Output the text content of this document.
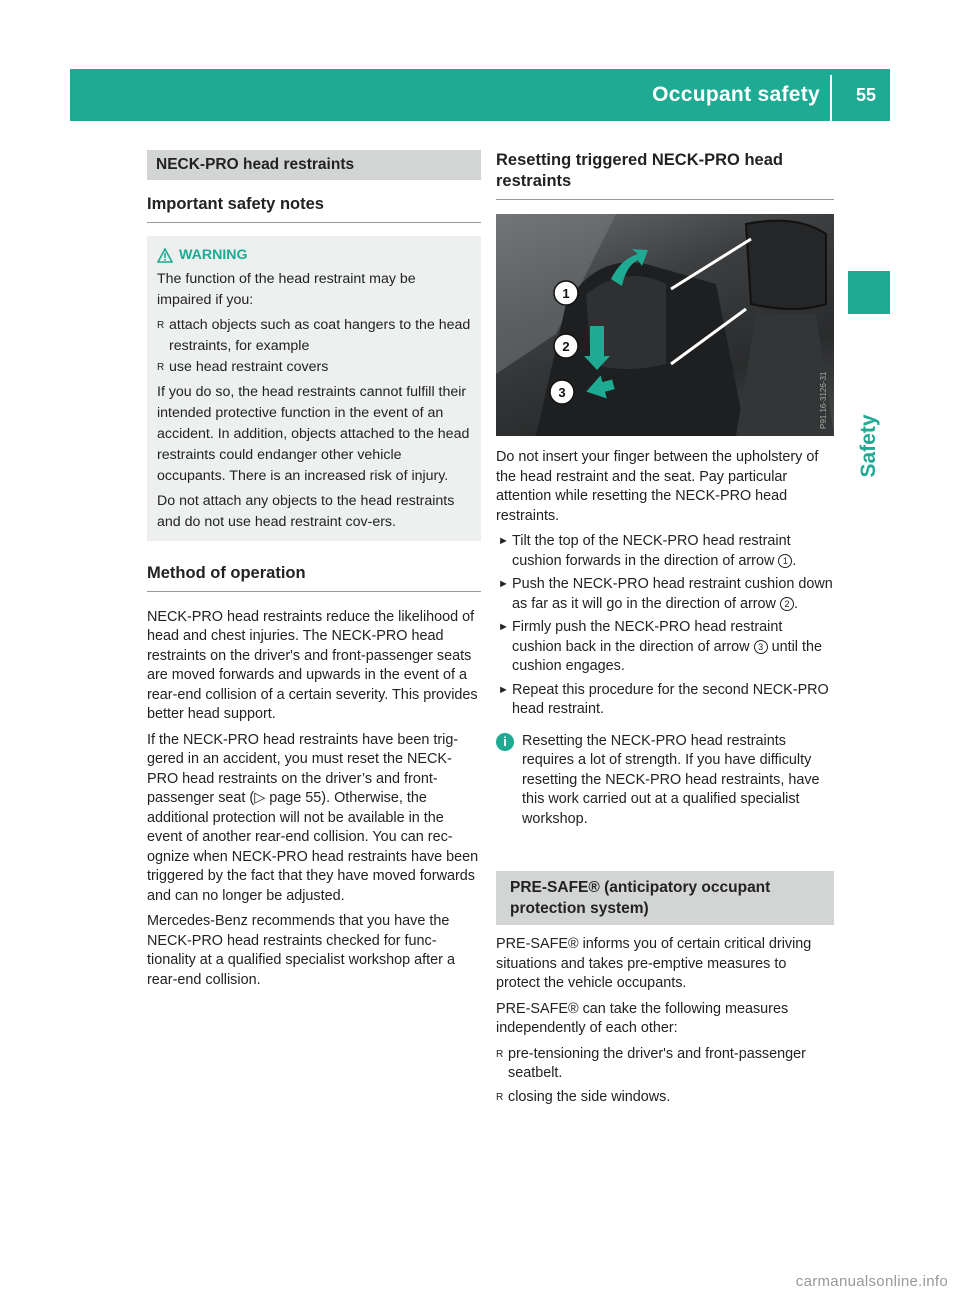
Occupant safety 55
Safety
NECK-PRO head restraints
Important safety notes
WARNING

The function of the head restraint may be impaired if you:

R attach objects such as coat hangers to the head restraints, for example
R use head restraint covers

If you do so, the head restraints cannot fulfill their intended protective function in the event of an accident. In addition, objects attached to the head restraints could endanger other vehicle occupants. There is an increased risk of injury.

Do not attach any objects to the head restraints and do not use head restraint cov-ers.

Method of operation

NECK-PRO head restraints reduce the likelihood of head and chest injuries. The NECK-PRO head restraints on the driver's and front-passenger seats are moved forwards and upwards in the event of a rear-end collision of a certain severity. This provides better head support.

If the NECK-PRO head restraints have been trig-gered in an accident, you must reset the NECK-PRO head restraints on the driver’s and front-passenger seat (▷ page 55). Otherwise, the additional protection will not be available in the event of another rear-end collision. You can rec-ognize when NECK-PRO head restraints have been triggered by the fact that they have moved forwards and can no longer be adjusted.

Mercedes-Benz recommends that you have the NECK-PRO head restraints checked for func-tionality at a qualified specialist workshop after a rear-end collision.

Resetting triggered NECK-PRO head restraints
1
2
3	P91.16-3126-31

Do not insert your finger between the upholstery of the head restraint and the seat. Pay particular attention while resetting the NECK-PRO head restraints.

► Tilt the top of the NECK-PRO head restraint cushion forwards in the direction of arrow 1 .
► Push the NECK-PRO head restraint cushion down as far as it will go in the direction of arrow 2 .
► Firmly push the NECK-PRO head restraint cushion back in the direction of arrow 3 until the cushion engages.
► Repeat this procedure for the second NECK-PRO head restraint.
i	Resetting the NECK-PRO head restraints requires a lot of strength. If you have difficulty resetting the NECK-PRO head restraints, have this work carried out at a qualified specialist workshop.
PRE-SAFE® (anticipatory occupant protection system)

PRE-SAFE® informs you of certain critical driving situations and takes pre-emptive measures to protect the vehicle occupants.

PRE-SAFE® can take the following measures independently of each other:

R pre-tensioning the driver's and front-passenger seatbelt.
R closing the side windows.
carmanualsonline.info
